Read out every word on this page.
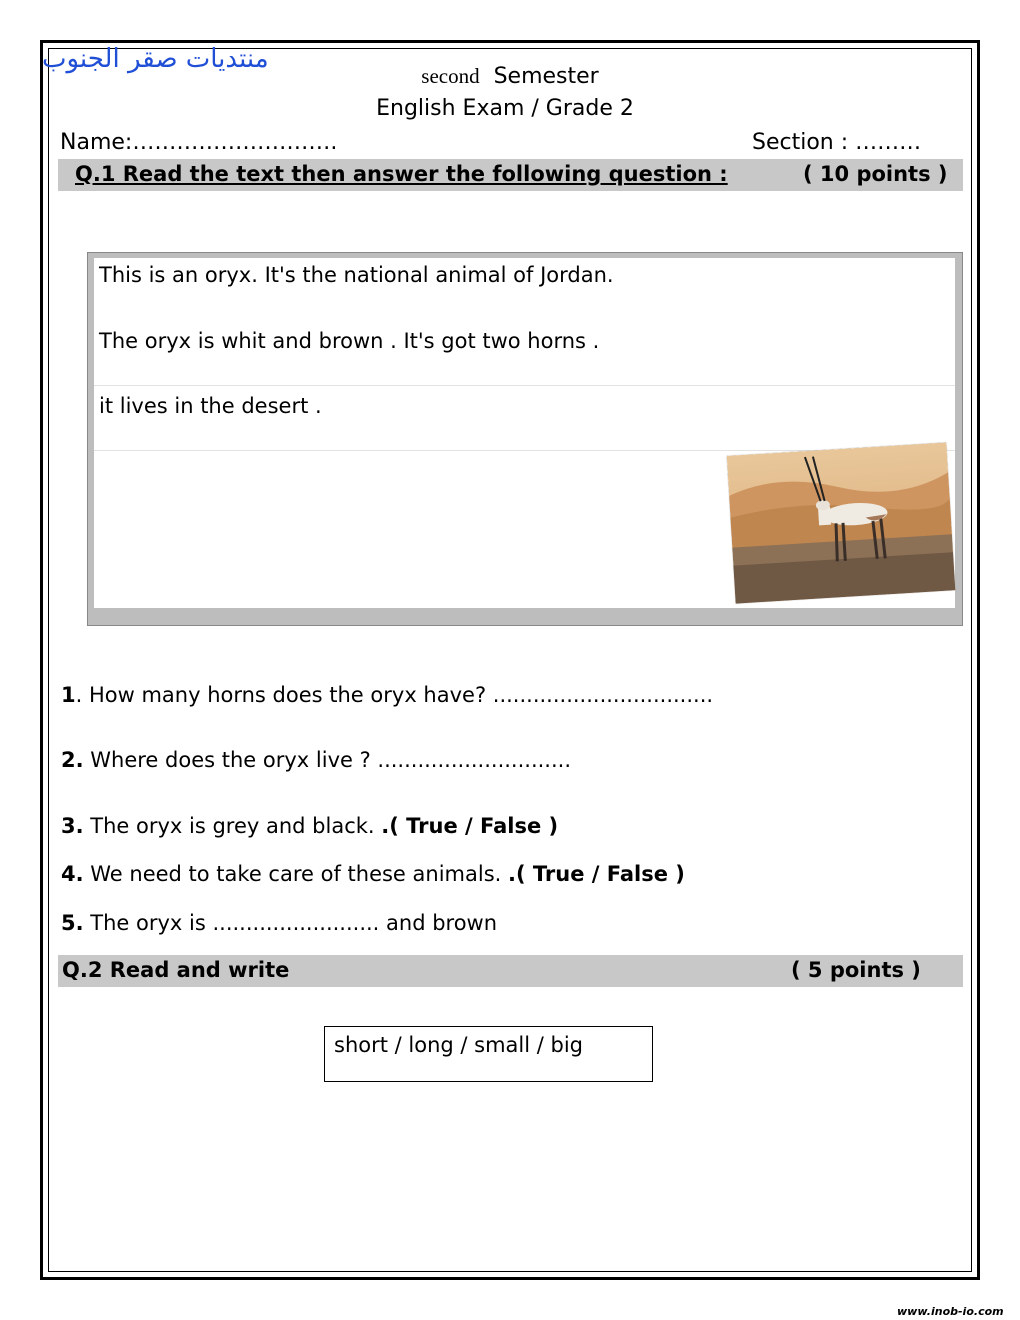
منتديات صقر الجنوب
second Semester
English Exam / Grade 2
Name:……………………….	Section : ………
Q.1 Read the text then answer the following question :	( 10 points )
This is an oryx. It's the national animal of Jordan.
The oryx is whit and brown . It's got two horns .
it lives in the desert .
1. How many horns does the oryx have? .................................
2. Where does the oryx live ? .............................
3. The oryx is grey and black. .( True / False )
4. We need to take care of these animals. .( True / False )
5. The oryx is ......................... and brown
Q.2 Read and write	( 5 points )
short / long / small / big
www.inob-io.com
